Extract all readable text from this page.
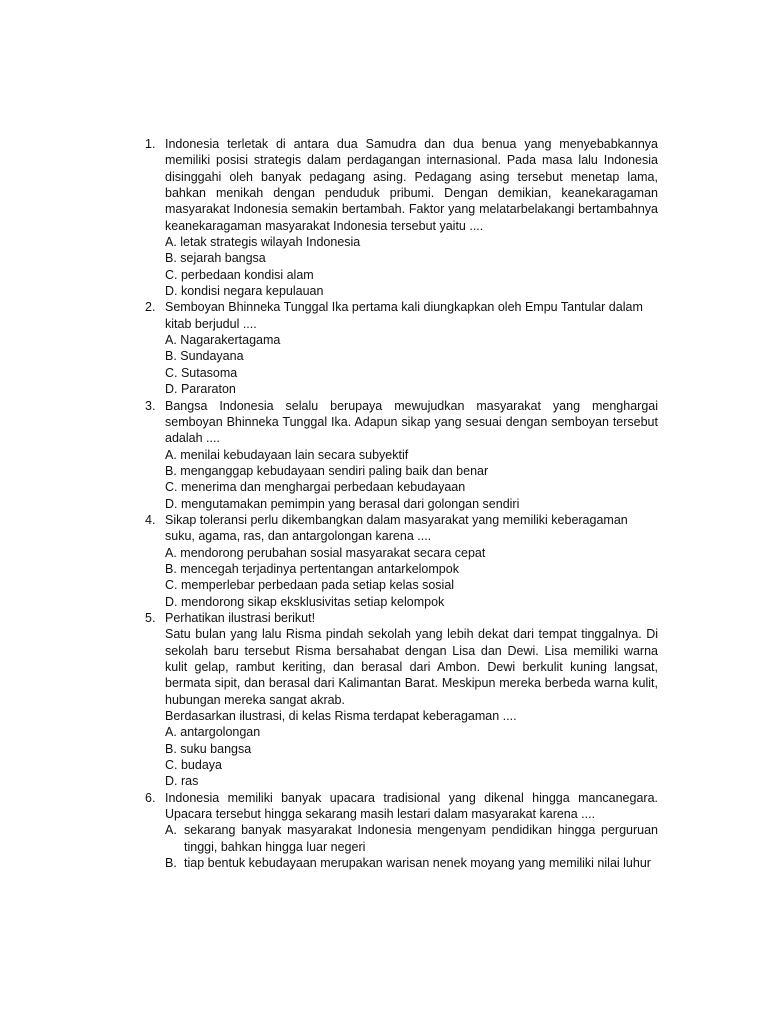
1. Indonesia terletak di antara dua Samudra dan dua benua yang menyebabkannya memiliki posisi strategis dalam perdagangan internasional. Pada masa lalu Indonesia disinggahi oleh banyak pedagang asing. Pedagang asing tersebut menetap lama, bahkan menikah dengan penduduk pribumi. Dengan demikian, keanekaragaman masyarakat Indonesia semakin bertambah. Faktor yang melatarbelakangi bertambahnya keanekaragaman masyarakat Indonesia tersebut yaitu ....
A. letak strategis wilayah Indonesia
B. sejarah bangsa
C. perbedaan kondisi alam
D. kondisi negara kepulauan
2. Semboyan Bhinneka Tunggal Ika pertama kali diungkapkan oleh Empu Tantular dalam kitab berjudul ....
A. Nagarakertagama
B. Sundayana
C. Sutasoma
D. Pararaton
3. Bangsa Indonesia selalu berupaya mewujudkan masyarakat yang menghargai semboyan Bhinneka Tunggal Ika. Adapun sikap yang sesuai dengan semboyan tersebut adalah ....
A. menilai kebudayaan lain secara subyektif
B. menganggap kebudayaan sendiri paling baik dan benar
C. menerima dan menghargai perbedaan kebudayaan
D. mengutamakan pemimpin yang berasal dari golongan sendiri
4. Sikap toleransi perlu dikembangkan dalam masyarakat yang memiliki keberagaman suku, agama, ras, dan antargolongan karena ....
A. mendorong perubahan sosial masyarakat secara cepat
B. mencegah terjadinya pertentangan antarkelompok
C. memperlebar perbedaan pada setiap kelas sosial
D. mendorong sikap eksklusivitas setiap kelompok
5. Perhatikan ilustrasi berikut!
Satu bulan yang lalu Risma pindah sekolah yang lebih dekat dari tempat tinggalnya. Di sekolah baru tersebut Risma bersahabat dengan Lisa dan Dewi. Lisa memiliki warna kulit gelap, rambut keriting, dan berasal dari Ambon. Dewi berkulit kuning langsat, bermata sipit, dan berasal dari Kalimantan Barat. Meskipun mereka berbeda warna kulit, hubungan mereka sangat akrab.
Berdasarkan ilustrasi, di kelas Risma terdapat keberagaman ....
A. antargolongan
B. suku bangsa
C. budaya
D. ras
6. Indonesia memiliki banyak upacara tradisional yang dikenal hingga mancanegara. Upacara tersebut hingga sekarang masih lestari dalam masyarakat karena ....
A. sekarang banyak masyarakat Indonesia mengenyam pendidikan hingga perguruan tinggi, bahkan hingga luar negeri
B. tiap bentuk kebudayaan merupakan warisan nenek moyang yang memiliki nilai luhur
